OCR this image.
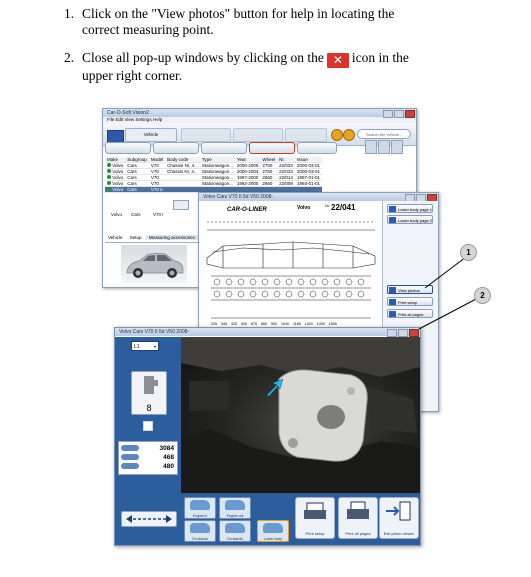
1. Click on the "View photos" button for help in locating the
correct measuring point.
2. Close all pop-up windows by clicking on the ✕ icon in the
upper right corner.
Car-O-Soft Vision2
File Edit View Settings Help
Vehicle	Search the vehicle...
Make	Subgroup	Model	Body code	Type	Year	Wheel	Nr.	Issue
Volvo	Cars	V70	Chassie Nr. 4...	Stationwagon...	2000-2006	2760	22/033	2000-03-01
Volvo	Cars	V70	Chassis Nr. 4...	Stationwagon...	2000-2004	2760	22/033	2000-03-01
Volvo	Cars	V70		Stationwagon...	1997-2000	2660	22/014	1997-01-01
Volvo	Cars	V70		Stationwagon...	1992-2000	2660	22/008	1993-01-01
Volvo	Cars	V70 II						
Volvo Cars	V70 I
Vehicle Setup Measuring accessories
Volvo Cars V70 II 5d V50 2008-
CAR-O-LINER	Volvo	Nr. 22/041
225 345 425 530 675 860 900 1040 1165 1300 1395 1505
Lower body page 1
Lower body page 2
View photos
Print setup
Print all pages
Volvo Cars V70 II 5d V50 2008-
L1	▾
8
3084
468
480
Engine in	Engine out
On stands	On stands	Lower body
Print setup	Print all pages	Exit photo viewer
1
2
